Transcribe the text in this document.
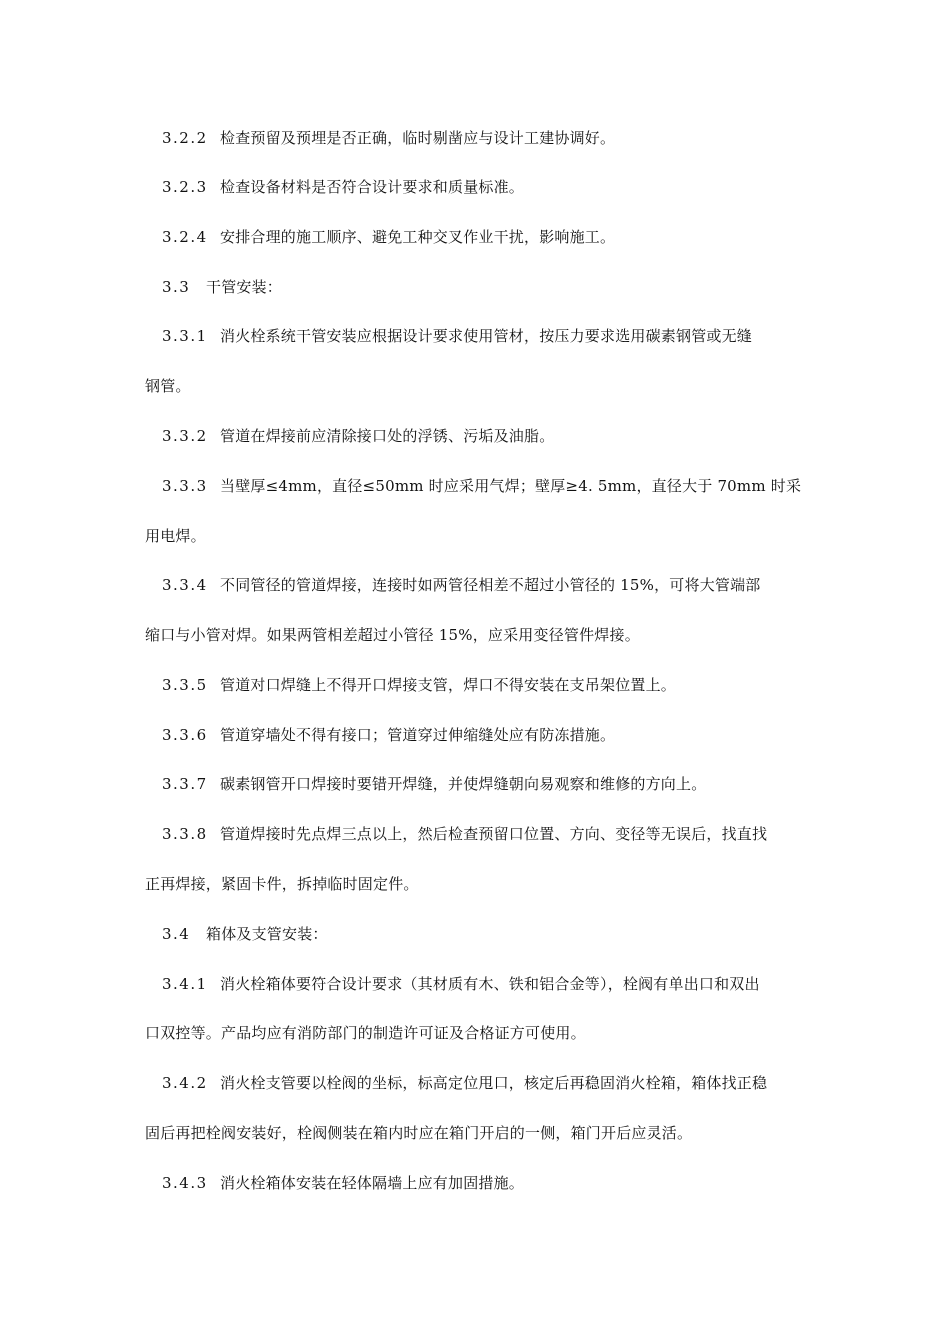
3.2.2 检查预留及预埋是否正确，临时剔凿应与设计工建协调好。
3.2.3 检查设备材料是否符合设计要求和质量标准。
3.2.4 安排合理的施工顺序、避免工种交叉作业干扰，影响施工。
3.3 干管安装：
3.3.1 消火栓系统干管安装应根据设计要求使用管材，按压力要求选用碳素钢管或无缝
钢管。
3.3.2 管道在焊接前应清除接口处的浮锈、污垢及油脂。
3.3.3 当壁厚≤4mm，直径≤50mm 时应采用气焊；壁厚≥4. 5mm，直径大于 70mm 时采
用电焊。
3.3.4 不同管径的管道焊接，连接时如两管径相差不超过小管径的 15%，可将大管端部
缩口与小管对焊。如果两管相差超过小管径 15%，应采用变径管件焊接。
3.3.5 管道对口焊缝上不得开口焊接支管，焊口不得安装在支吊架位置上。
3.3.6 管道穿墙处不得有接口；管道穿过伸缩缝处应有防冻措施。
3.3.7 碳素钢管开口焊接时要错开焊缝，并使焊缝朝向易观察和维修的方向上。
3.3.8 管道焊接时先点焊三点以上，然后检查预留口位置、方向、变径等无误后，找直找
正再焊接，紧固卡件，拆掉临时固定件。
3.4 箱体及支管安装：
3.4.1 消火栓箱体要符合设计要求（其材质有木、铁和铝合金等），栓阀有单出口和双出
口双控等。产品均应有消防部门的制造许可证及合格证方可使用。
3.4.2 消火栓支管要以栓阀的坐标，标高定位甩口，核定后再稳固消火栓箱，箱体找正稳
固后再把栓阀安装好，栓阀侧装在箱内时应在箱门开启的一侧，箱门开后应灵活。
3.4.3 消火栓箱体安装在轻体隔墙上应有加固措施。
